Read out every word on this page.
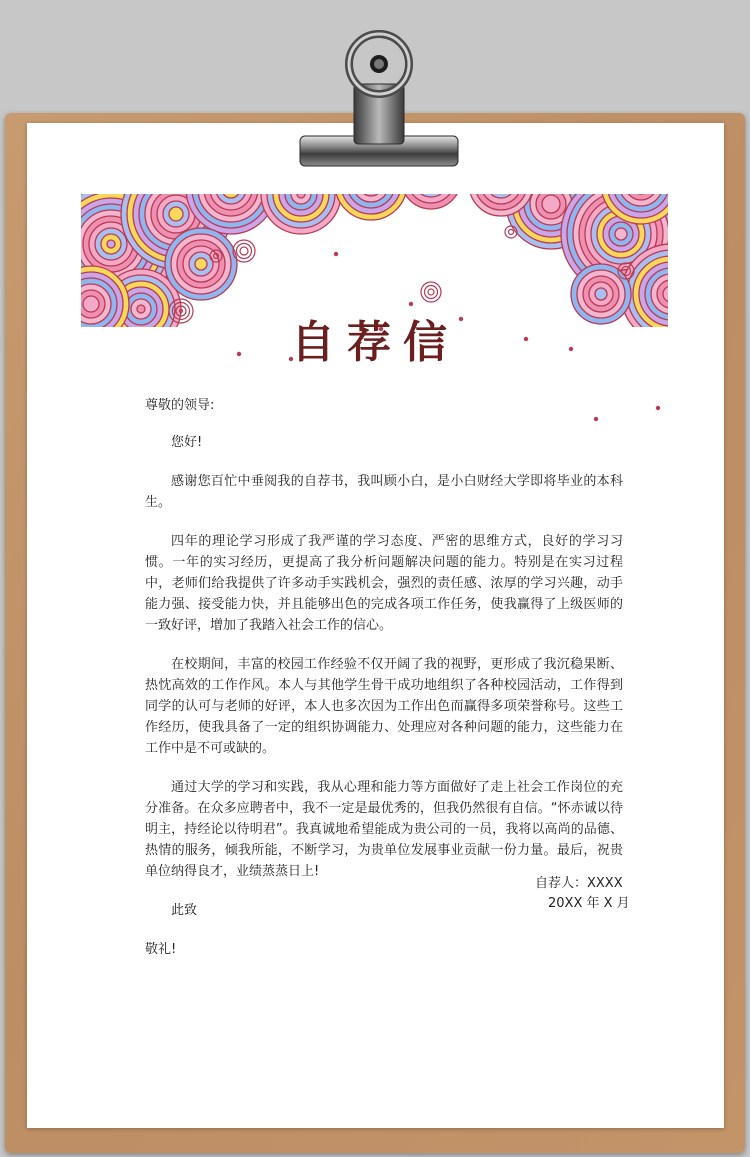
自荐信

尊敬的领导:

您好!

感谢您百忙中垂阅我的自荐书，我叫顾小白，是小白财经大学即将毕业的本科生。

四年的理论学习形成了我严谨的学习态度、严密的思维方式，良好的学习习惯。一年的实习经历，更提高了我分析问题解决问题的能力。特别是在实习过程中，老师们给我提供了许多动手实践机会，强烈的责任感、浓厚的学习兴趣，动手能力强、接受能力快，并且能够出色的完成各项工作任务，使我赢得了上级医师的一致好评，增加了我踏入社会工作的信心。

在校期间，丰富的校园工作经验不仅开阔了我的视野，更形成了我沉稳果断、热忱高效的工作作风。本人与其他学生骨干成功地组织了各种校园活动，工作得到同学的认可与老师的好评，本人也多次因为工作出色而赢得多项荣誉称号。这些工作经历，使我具备了一定的组织协调能力、处理应对各种问题的能力，这些能力在工作中是不可或缺的。

通过大学的学习和实践，我从心理和能力等方面做好了走上社会工作岗位的充分准备。在众多应聘者中，我不一定是最优秀的，但我仍然很有自信。“怀赤诚以待明主，持经论以待明君”。我真诚地希望能成为贵公司的一员，我将以高尚的品德、热情的服务，倾我所能，不断学习，为贵单位发展事业贡献一份力量。最后，祝贵单位纳得良才，业绩蒸蒸日上!

此致

敬礼!

自荐人：XXXX
20XX 年 X 月
